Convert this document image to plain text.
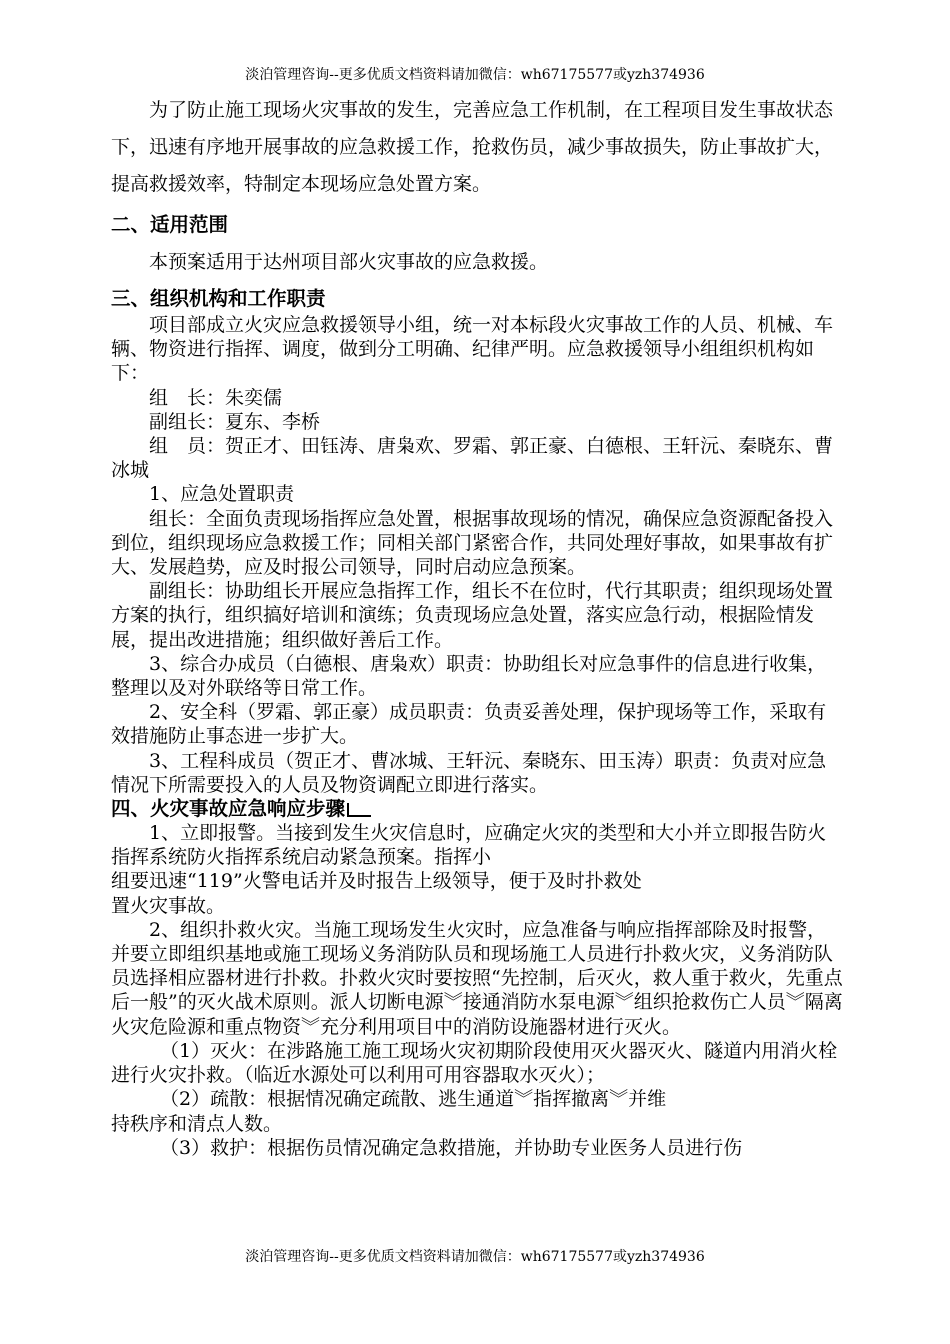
淡泊管理咨询--更多优质文档资料请加微信：wh67175577或yzh374936

为了防止施工现场火灾事故的发生，完善应急工作机制，在工程项目发生事故状态下，迅速有序地开展事故的应急救援工作，抢救伤员，减少事故损失，防止事故扩大，提高救援效率，特制定本现场应急处置方案。

二、适用范围

本预案适用于达州项目部火灾事故的应急救援。

三、组织机构和工作职责

项目部成立火灾应急救援领导小组，统一对本标段火灾事故工作的人员、机械、车辆、物资进行指挥、调度，做到分工明确、纪律严明。应急救援领导小组组织机构如下：

组　长：朱奕儒

副组长：夏东、李桥

组　员：贺正才、田钰涛、唐枭欢、罗霜、郭正豪、白德根、王轩沅、秦晓东、曹冰城

1、应急处置职责

组长：全面负责现场指挥应急处置，根据事故现场的情况，确保应急资源配备投入到位，组织现场应急救援工作；同相关部门紧密合作，共同处理好事故，如果事故有扩大、发展趋势，应及时报公司领导，同时启动应急预案。

副组长：协助组长开展应急指挥工作，组长不在位时，代行其职责；组织现场处置方案的执行，组织搞好培训和演练；负责现场应急处置，落实应急行动，根据险情发展，提出改进措施；组织做好善后工作。

3、综合办成员（白德根、唐枭欢）职责：协助组长对应急事件的信息进行收集，整理以及对外联络等日常工作。

2、安全科（罗霜、郭正豪）成员职责：负责妥善处理，保护现场等工作，采取有效措施防止事态进一步扩大。

3、工程科成员（贺正才、曹冰城、王轩沅、秦晓东、田玉涛）职责：负责对应急情况下所需要投入的人员及物资调配立即进行落实。

四、火灾事故应急响应步骤

1、立即报警。当接到发生火灾信息时，应确定火灾的类型和大小并立即报告防火指挥系统防火指挥系统启动紧急预案。指挥小

组要迅速“119”火警电话并及时报告上级领导，便于及时扑救处

置火灾事故。

2、组织扑救火灾。当施工现场发生火灾时，应急准备与响应指挥部除及时报警，并要立即组织基地或施工现场义务消防队员和现场施工人员进行扑救火灾，义务消防队员选择相应器材进行扑救。扑救火灾时要按照“先控制，后灭火，救人重于救火，先重点后一般”的灭火战术原则。派人切断电源︾接通消防水泵电源︾组织抢救伤亡人员︾隔离火灾危险源和重点物资︾充分利用项目中的消防设施器材进行灭火。

（1）灭火：在涉路施工施工现场火灾初期阶段使用灭火器灭火、隧道内用消火栓进行火灾扑救。（临近水源处可以利用可用容器取水灭火）；

（2）疏散：根据情况确定疏散、逃生通道︾指挥撤离︾并维

持秩序和清点人数。

（3）救护：根据伤员情况确定急救措施，并协助专业医务人员进行伤

淡泊管理咨询--更多优质文档资料请加微信：wh67175577或yzh374936
